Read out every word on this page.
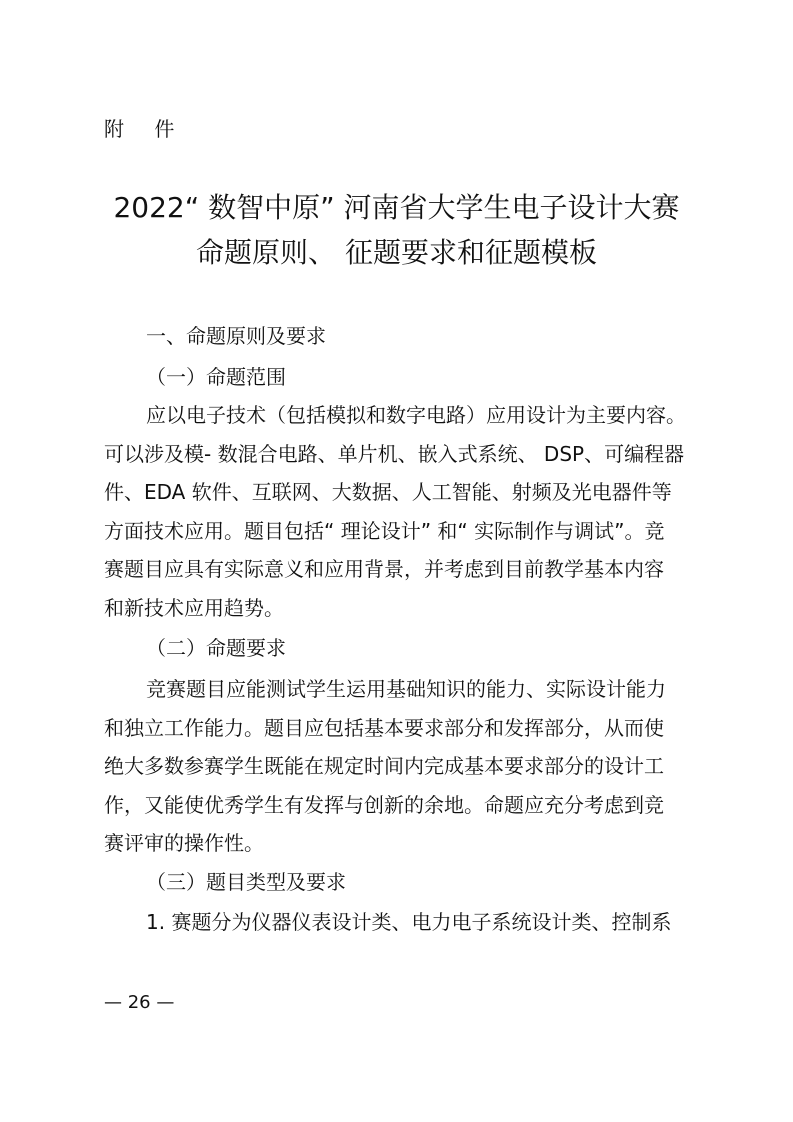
附 件
2022“ 数智中原” 河南省大学生电子设计大赛
命题原则、 征题要求和征题模板
一、命题原则及要求
（一）命题范围
应以电子技术（包括模拟和数字电路）应用设计为主要内容。
可以涉及模- 数混合电路、单片机、嵌入式系统、 DSP、可编程器
件、EDA 软件、互联网、大数据、人工智能、射频及光电器件等
方面技术应用。题目包括“ 理论设计” 和“ 实际制作与调试”。竞
赛题目应具有实际意义和应用背景，并考虑到目前教学基本内容
和新技术应用趋势。
（二）命题要求
竞赛题目应能测试学生运用基础知识的能力、实际设计能力
和独立工作能力。题目应包括基本要求部分和发挥部分，从而使
绝大多数参赛学生既能在规定时间内完成基本要求部分的设计工
作，又能使优秀学生有发挥与创新的余地。命题应充分考虑到竞
赛评审的操作性。
（三）题目类型及要求
1. 赛题分为仪器仪表设计类、电力电子系统设计类、控制系
— 26 —
